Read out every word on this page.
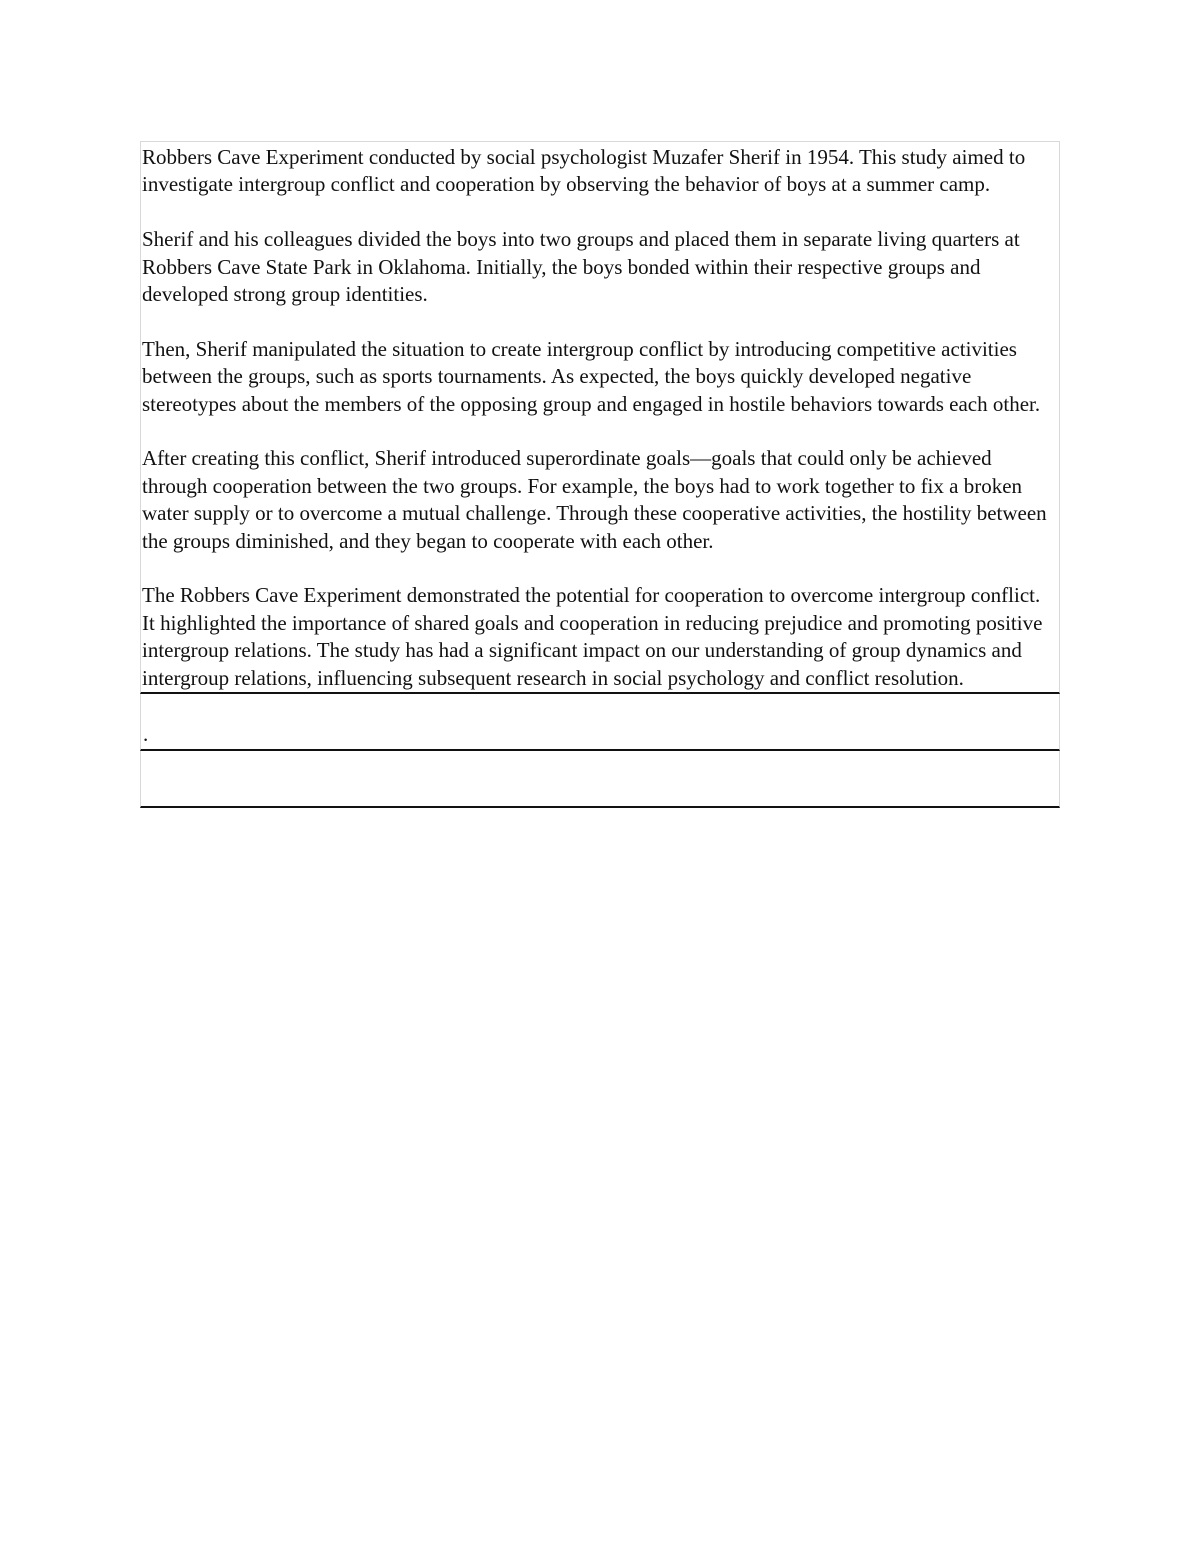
Robbers Cave Experiment conducted by social psychologist Muzafer Sherif in 1954. This study aimed to investigate intergroup conflict and cooperation by observing the behavior of boys at a summer camp.

Sherif and his colleagues divided the boys into two groups and placed them in separate living quarters at Robbers Cave State Park in Oklahoma. Initially, the boys bonded within their respective groups and developed strong group identities.

Then, Sherif manipulated the situation to create intergroup conflict by introducing competitive activities between the groups, such as sports tournaments. As expected, the boys quickly developed negative stereotypes about the members of the opposing group and engaged in hostile behaviors towards each other.

After creating this conflict, Sherif introduced superordinate goals—goals that could only be achieved through cooperation between the two groups. For example, the boys had to work together to fix a broken water supply or to overcome a mutual challenge. Through these cooperative activities, the hostility between the groups diminished, and they began to cooperate with each other.

The Robbers Cave Experiment demonstrated the potential for cooperation to overcome intergroup conflict. It highlighted the importance of shared goals and cooperation in reducing prejudice and promoting positive intergroup relations. The study has had a significant impact on our understanding of group dynamics and intergroup relations, influencing subsequent research in social psychology and conflict resolution.

.
